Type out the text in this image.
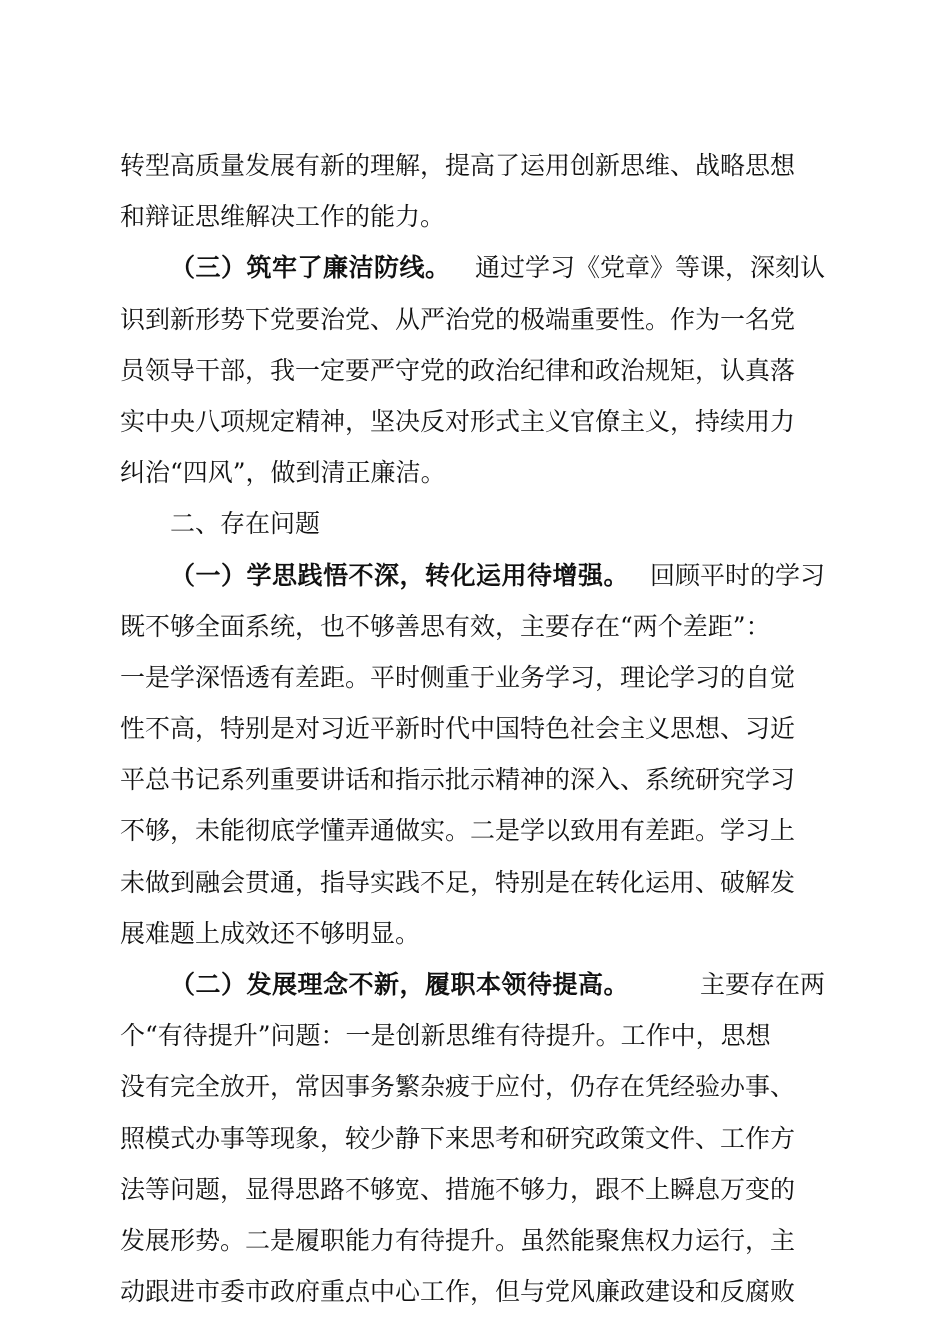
转型高质量发展有新的理解，提高了运用创新思维、战略思想
和辩证思维解决工作的能力。
（三）筑牢了廉洁防线。 通过学习《党章》等课，深刻认
识到新形势下党要治党、从严治党的极端重要性。作为一名党
员领导干部，我一定要严守党的政治纪律和政治规矩，认真落
实中央八项规定精神，坚决反对形式主义官僚主义，持续用力
纠治“四风”，做到清正廉洁。
二、存在问题
（一）学思践悟不深，转化运用待增强。 回顾平时的学习
既不够全面系统，也不够善思有效，主要存在“两个差距”：
一是学深悟透有差距。平时侧重于业务学习，理论学习的自觉
性不高，特别是对习近平新时代中国特色社会主义思想、习近
平总书记系列重要讲话和指示批示精神的深入、系统研究学习
不够，未能彻底学懂弄通做实。二是学以致用有差距。学习上
未做到融会贯通，指导实践不足，特别是在转化运用、破解发
展难题上成效还不够明显。
（二）发展理念不新，履职本领待提高。	主要存在两
个“有待提升”问题：一是创新思维有待提升。工作中，思想
没有完全放开，常因事务繁杂疲于应付，仍存在凭经验办事、
照模式办事等现象，较少静下来思考和研究政策文件、工作方
法等问题，显得思路不够宽、措施不够力，跟不上瞬息万变的
发展形势。二是履职能力有待提升。虽然能聚焦权力运行，主
动跟进市委市政府重点中心工作，但与党风廉政建设和反腐败
